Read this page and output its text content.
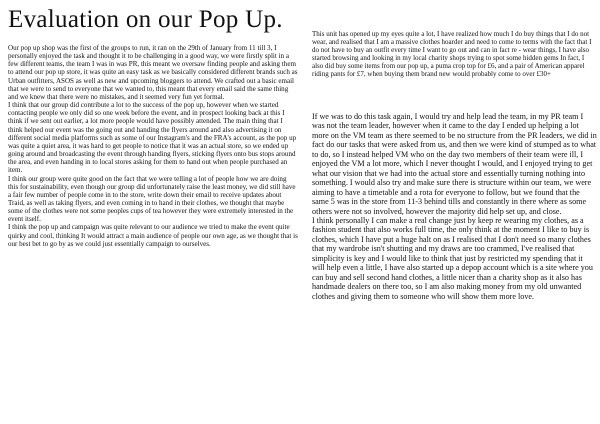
Evaluation on our Pop Up.

Our pop up shop was the first of the groups to run, it ran on the 29th of January from 11 till 3, I personally enjoyed the task and thought it to be challenging in a good way, we were firstly split in a few different teams, the team I was in was PR, this meant we oversaw finding people and asking them to attend our pop up store, it was quite an easy task as we basically considered different brands such as Urban outfitters, ASOS as well as new and upcoming bloggers to attend. We crafted out a basic email that we were to send to everyone that we wanted to, this meant that every email said the same thing and we knew that there were no mistakes, and it seemed very fun yet formal.

I think that our group did contribute a lot to the success of the pop up, however when we started contacting people we only did so one week before the event, and in prospect looking back at this I think if we sent out earlier, a lot more people would have possibly attended. The main thing that I think helped our event was the going out and handing the flyers around and also advertising it on different social media platforms such as some of our Instagram's and the FRA's account, as the pop up was quite a quiet area, it was hard to get people to notice that it was an actual store, so we ended up going around and broadcasting the event through handing flyers, sticking flyers onto bus stops around the area, and even handing in to local stores asking for them to hand out when people purchased an item.

I think our group were quite good on the fact that we were telling a lot of people how we are doing this for sustainability, even though our group did unfortunately raise the least money, we did still have a fair few number of people come in to the store, write down their email to receive updates about Traid, as well as taking flyers, and even coming in to hand in their clothes, we thought that maybe some of the clothes were not some peoples cups of tea however they were extremely interested in the event itself.

I think the pop up and campaign was quite relevant to our audience we tried to make the event quite quirky and cool, thinking It would attract a main audience of people our own age, as we thought that is our best bet to go by as we could just essentially campaign to ourselves.

This unit has opened up my eyes quite a lot, I have realized how much I do buy things that I do not wear, and realised that I am a massive clothes hoarder and need to come to terms with the fact that I do not have to buy an outfit every time I want to go out and can in fact re - wear things, I have also started browsing and looking in my local charity shops trying to spot some hidden gems In fact, I also did buy some items from our pop up, a puma crop top for £6, and a pair of American apparel riding pants for £7, when buying them brand new would probably come to over £30+

If we was to do this task again, I would try and help lead the team, in my PR team I was not the team leader, however when it came to the day I ended up helping a lot more on the VM team as there seemed to be no structure from the PR leaders, we did in fact do our tasks that were asked from us, and then we were kind of stumped as to what to do, so I instead helped VM who on the day two members of their team were ill, I enjoyed the VM a lot more, which I never thought I would, and I enjoyed trying to get what our vision that we had into the actual store and essentially turning nothing into something. I would also try and make sure there is structure within our team, we were aiming to have a timetable and a rota for everyone to follow, but we found that the same 5 was in the store from 11-3 behind tills and constantly in there where as some others were not so involved, however the majority did help set up, and close.

I think personally I can make a real change just by keep re wearing my clothes, as a fashion student that also works full time, the only think at the moment I like to buy is clothes, which I have put a huge halt on as I realised that I don't need so many clothes that my wardrobe isn't shutting and my draws are too crammed, I've realised that simplicity is key and I would like to think that just by restricted my spending that it will help even a little, I have also started up a depop account which is a site where you can buy and sell second hand clothes, a little nicer than a charity shop as it also has handmade dealers on there too, so I am also making money from my old unwanted clothes and giving them to someone who will show them more love.
